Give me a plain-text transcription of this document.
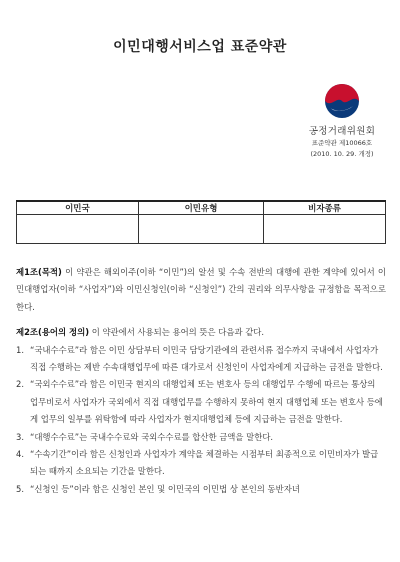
이민대행서비스업 표준약관
공정거래위원회
표준약관 제10066호
(2010. 10. 29. 개정)
이민국	이민유형	비자종류

제1조(목적) 이 약관은 해외이주(이하 “이민”)의 알선 및 수속 전반의 대행에 관한 계약에 있어서 이민대행업자(이하 “사업자”)와 이민신청인(이하 “신청인”) 간의 권리와 의무사항을 규정함을 목적으로 한다.

제2조(용어의 정의) 이 약관에서 사용되는 용어의 뜻은 다음과 같다.

1. “국내수수료”라 함은 이민 상담부터 이민국 담당기관에의 관련서류 접수까지 국내에서 사업자가 직접 수행하는 제반 수속대행업무에 따른 대가로서 신청인이 사업자에게 지급하는 금전을 말한다.
2. “국외수수료”라 함은 이민국 현지의 대행업체 또는 변호사 등의 대행업무 수행에 따르는 통상의 업무비로서 사업자가 국외에서 직접 대행업무를 수행하지 못하여 현지 대행업체 또는 변호사 등에게 업무의 일부를 위탁함에 따라 사업자가 현지대행업체 등에 지급하는 금전을 말한다.
3. “대행수수료”는 국내수수료와 국외수수료를 합산한 금액을 말한다.
4. “수속기간”이라 함은 신청인과 사업자가 계약을 체결하는 시점부터 최종적으로 이민비자가 발급되는 때까지 소요되는 기간을 말한다.
5. “신청인 등”이라 함은 신청인 본인 및 이민국의 이민법 상 본인의 동반자녀
